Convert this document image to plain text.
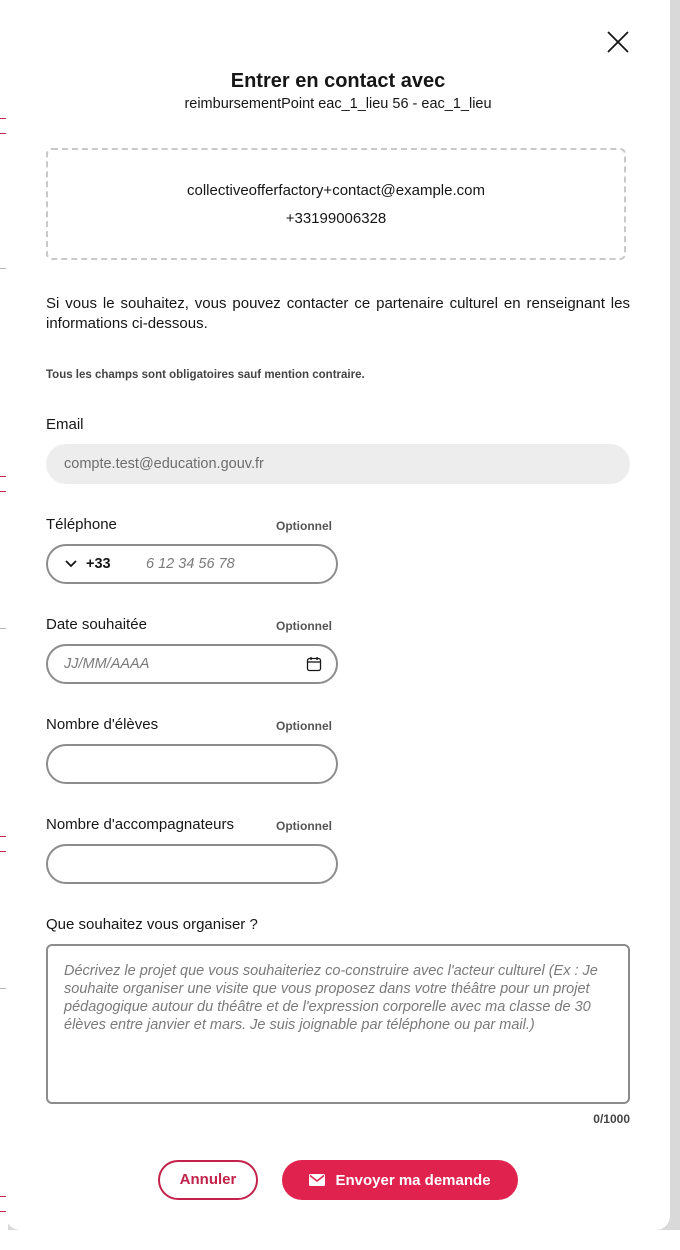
Entrer en contact avec
reimbursementPoint eac_1_lieu 56 - eac_1_lieu
collectiveofferfactory+contact@example.com
+33199006328
Si vous le souhaitez, vous pouvez contacter ce partenaire culturel en renseignant les informations ci-dessous.
Tous les champs sont obligatoires sauf mention contraire.
Email
compte.test@education.gouv.fr
Téléphone	Optionnel
+33 6 12 34 56 78
Date souhaitée	Optionnel
JJ/MM/AAAA
Nombre d'élèves	Optionnel
Nombre d'accompagnateurs	Optionnel
Que souhaitez vous organiser ?
Décrivez le projet que vous souhaiteriez co-construire avec l'acteur culturel (Ex : Je souhaite organiser une visite que vous proposez dans votre théâtre pour un projet pédagogique autour du théâtre et de l'expression corporelle avec ma classe de 30 élèves entre janvier et mars. Je suis joignable par téléphone ou par mail.)
0/1000
Annuler	Envoyer ma demande
